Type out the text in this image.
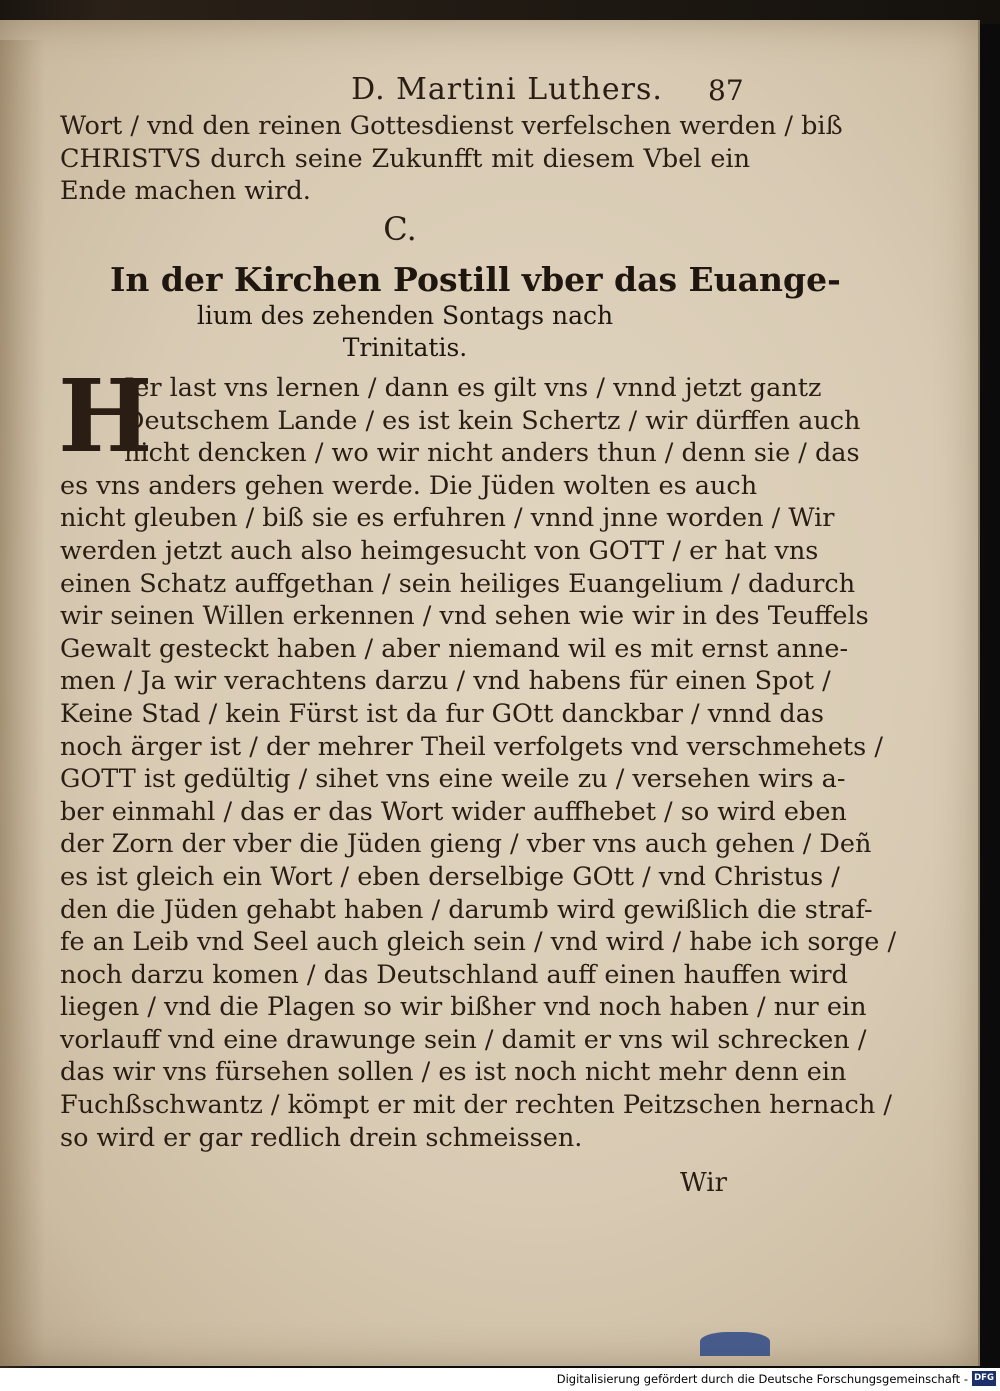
D. Martini Luthers.	87
Wort / vnd den reinen Gottesdienst verfelschen werden / biß
CHRISTVS durch seine Zukunfft mit diesem Vbel ein
Ende machen wird.
C.
In der Kirchen Postill vber das Euange-
lium des zehenden Sontags nach
Trinitatis.
H
Jer last vns lernen / dann es gilt vns / vnnd jetzt gantz
Deutschem Lande / es ist kein Schertz / wir dürffen auch
nicht dencken / wo wir nicht anders thun / denn sie / das
es vns anders gehen werde. Die Jüden wolten es auch
nicht gleuben / biß sie es erfuhren / vnnd jnne worden / Wir
werden jetzt auch also heimgesucht von GOTT / er hat vns
einen Schatz auffgethan / sein heiliges Euangelium / dadurch
wir seinen Willen erkennen / vnd sehen wie wir in des Teuffels
Gewalt gesteckt haben / aber niemand wil es mit ernst anne-
men / Ja wir verachtens darzu / vnd habens für einen Spot /
Keine Stad / kein Fürst ist da fur GOtt danckbar / vnnd das
noch ärger ist / der mehrer Theil verfolgets vnd verschmehets /
GOTT ist gedültig / sihet vns eine weile zu / versehen wirs a-
ber einmahl / das er das Wort wider auffhebet / so wird eben
der Zorn der vber die Jüden gieng / vber vns auch gehen / Deñ
es ist gleich ein Wort / eben derselbige GOtt / vnd Christus /
den die Jüden gehabt haben / darumb wird gewißlich die straf-
fe an Leib vnd Seel auch gleich sein / vnd wird / habe ich sorge /
noch darzu komen / das Deutschland auff einen hauffen wird
liegen / vnd die Plagen so wir bißher vnd noch haben / nur ein
vorlauff vnd eine drawunge sein / damit er vns wil schrecken /
das wir vns fürsehen sollen / es ist noch nicht mehr denn ein
Fuchßschwantz / kömpt er mit der rechten Peitzschen hernach /
so wird er gar redlich drein schmeissen.
Wir
Digitalisierung gefördert durch die Deutsche Forschungsgemeinschaft - DFG
